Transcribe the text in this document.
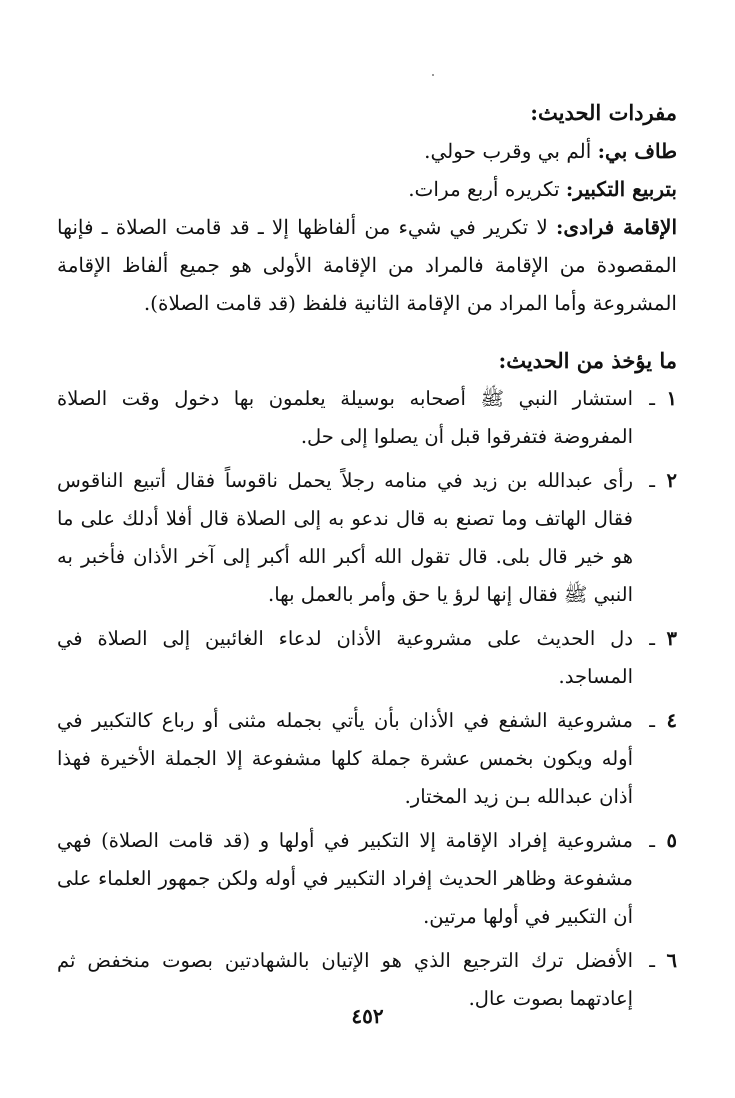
مفردات الحديث:
طاف بي: ألم بي وقرب حولي.
بتربيع التكبير: تكريره أربع مرات.
الإقامة فرادى: لا تكرير في شيء من ألفاظها إلا ـ قد قامت الصلاة ـ فإنها المقصودة من الإقامة فالمراد من الإقامة الأولى هو جميع ألفاظ الإقامة المشروعة وأما المراد من الإقامة الثانية فلفظ (قد قامت الصلاة).
ما يؤخذ من الحديث:
١
ـ
استشار النبي ﷺ أصحابه بوسيلة يعلمون بها دخول وقت الصلاة المفروضة فتفرقوا قبل أن يصلوا إلى حل.
٢
ـ
رأى عبدالله بن زيد في منامه رجلاً يحمل ناقوساً فقال أتبيع الناقوس فقال الهاتف وما تصنع به قال ندعو به إلى الصلاة قال أفلا أدلك على ما هو خير قال بلى. قال تقول الله أكبر الله أكبر إلى آخر الأذان فأخبر به النبي ﷺ فقال إنها لرؤ يا حق وأمر بالعمل بها.
٣
ـ
دل الحديث على مشروعية الأذان لدعاء الغائبين إلى الصلاة في المساجد.
٤
ـ
مشروعية الشفع في الأذان بأن يأتي بجمله مثنى أو رباع كالتكبير في أوله ويكون بخمس عشرة جملة كلها مشفوعة إلا الجملة الأخيرة فهذا أذان عبدالله بـن زيد المختار.
٥
ـ
مشروعية إفراد الإقامة إلا التكبير في أولها و (قد قامت الصلاة) فهي مشفوعة وظاهر الحديث إفراد التكبير في أوله ولكن جمهور العلماء على أن التكبير في أولها مرتين.
٦
ـ
الأفضل ترك الترجيع الذي هو الإتيان بالشهادتين بصوت منخفض ثم إعادتهما بصوت عال.
٤٥٢
